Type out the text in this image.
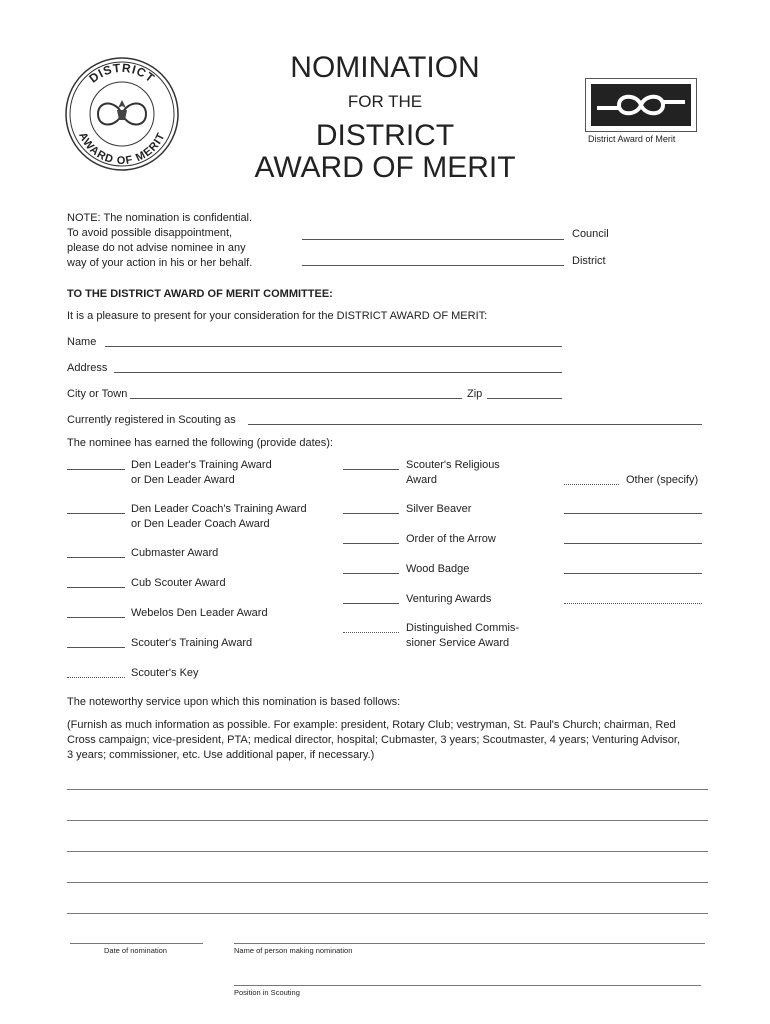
DISTRICT
AWARD OF MERIT
NOMINATION
FOR THE
DISTRICT
AWARD OF MERIT
District Award of Merit
NOTE: The nomination is confidential.
To avoid possible disappointment,
please do not advise nominee in any
way of your action in his or her behalf.
Council
District
TO THE DISTRICT AWARD OF MERIT COMMITTEE:
It is a pleasure to present for your consideration for the DISTRICT AWARD OF MERIT:
Name
Address
City or Town	Zip
Currently registered in Scouting as
The nominee has earned the following (provide dates):
Den Leader's Training Award
or Den Leader Award
Den Leader Coach's Training Award
or Den Leader Coach Award
Cubmaster Award
Cub Scouter Award
Webelos Den Leader Award
Scouter's Training Award
Scouter's Key
Scouter's Religious
Award
Silver Beaver
Order of the Arrow
Wood Badge
Venturing Awards
Distinguished Commis-
sioner Service Award
Other (specify)
The noteworthy service upon which this nomination is based follows:
(Furnish as much information as possible. For example: president, Rotary Club; vestryman, St. Paul's Church; chairman, Red
Cross campaign; vice-president, PTA; medical director, hospital; Cubmaster, 3 years; Scoutmaster, 4 years; Venturing Advisor,
3 years; commissioner, etc. Use additional paper, if necessary.)
Date of nomination	Name of person making nomination
Position in Scouting
